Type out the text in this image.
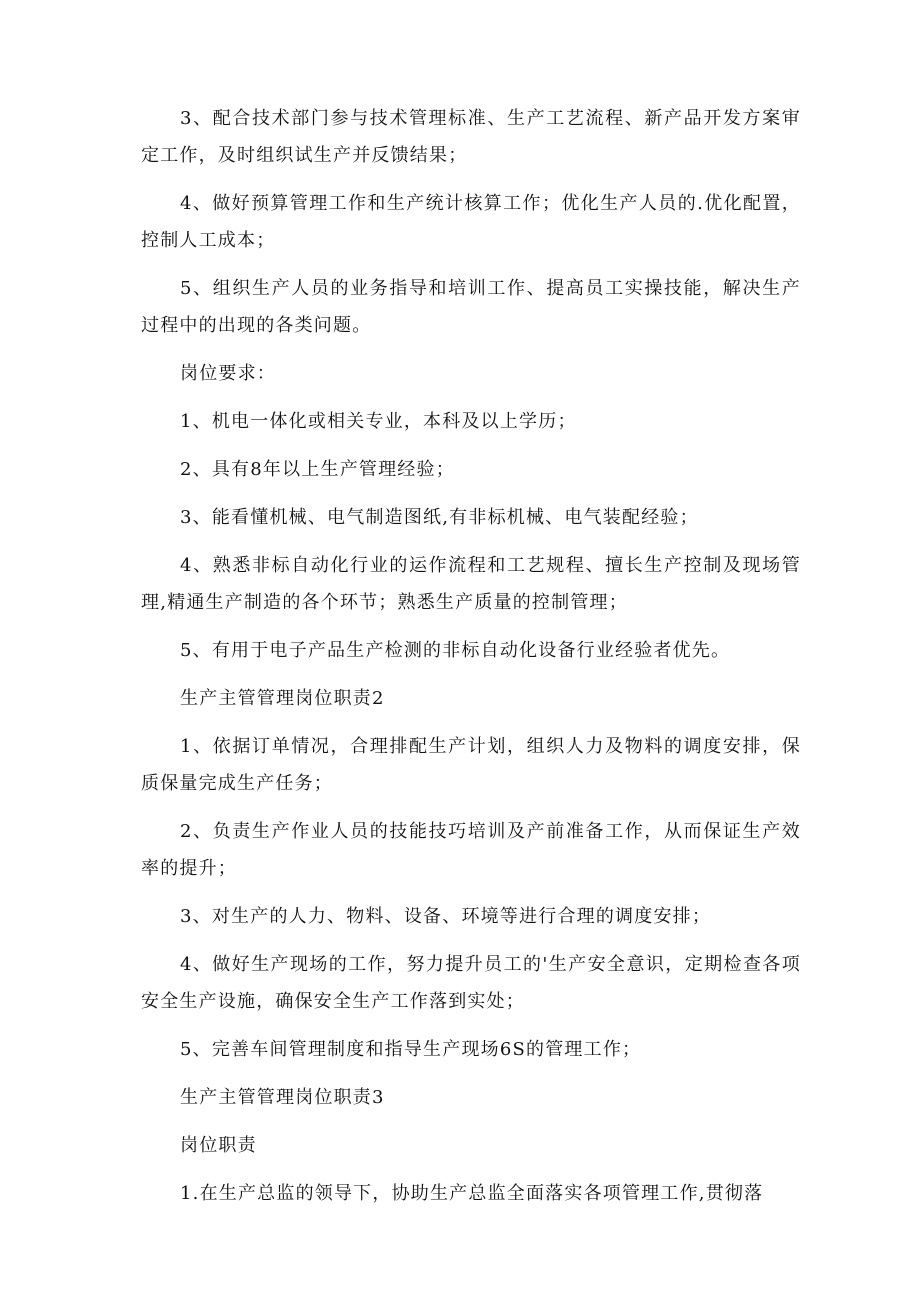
3、配合技术部门参与技术管理标准、生产工艺流程、新产品开发方案审定工作，及时组织试生产并反馈结果；

4、做好预算管理工作和生产统计核算工作；优化生产人员的.优化配置，控制人工成本；

5、组织生产人员的业务指导和培训工作、提高员工实操技能，解决生产过程中的出现的各类问题。

岗位要求：

1、机电一体化或相关专业，本科及以上学历；

2、具有8年以上生产管理经验；

3、能看懂机械、电气制造图纸,有非标机械、电气装配经验；

4、熟悉非标自动化行业的运作流程和工艺规程、擅长生产控制及现场管理,精通生产制造的各个环节；熟悉生产质量的控制管理；

5、有用于电子产品生产检测的非标自动化设备行业经验者优先。

生产主管管理岗位职责2

1、依据订单情况，合理排配生产计划，组织人力及物料的调度安排，保质保量完成生产任务；

2、负责生产作业人员的技能技巧培训及产前准备工作，从而保证生产效率的提升；

3、对生产的人力、物料、设备、环境等进行合理的调度安排；

4、做好生产现场的工作，努力提升员工的'生产安全意识，定期检查各项安全生产设施，确保安全生产工作落到实处；

5、完善车间管理制度和指导生产现场6S的管理工作；

生产主管管理岗位职责3

岗位职责

1.在生产总监的领导下，协助生产总监全面落实各项管理工作,贯彻落
